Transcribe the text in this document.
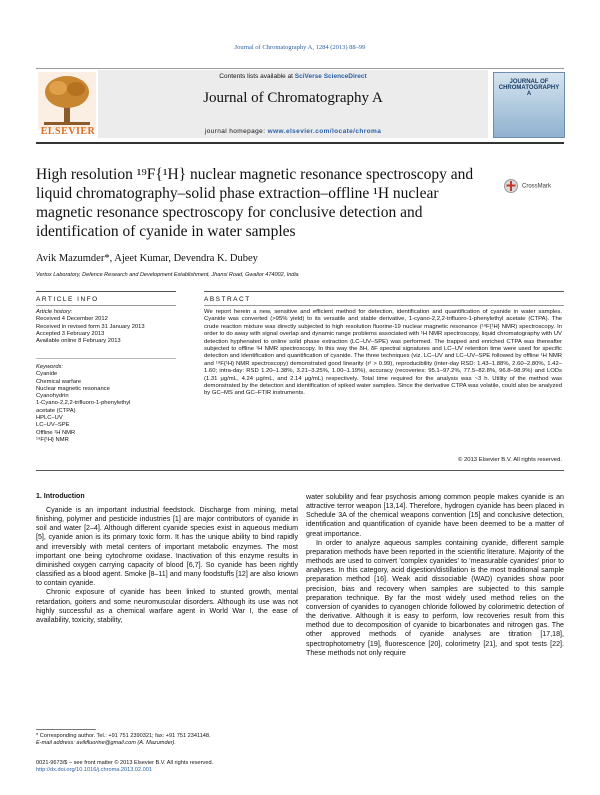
Journal of Chromatography A, 1284 (2013) 88–99
ELSEVIER
Contents lists available at SciVerse ScienceDirect
Journal of Chromatography A
journal homepage: www.elsevier.com/locate/chroma
JOURNAL OF CHROMATOGRAPHY A
High resolution ¹⁹F{¹H} nuclear magnetic resonance spectroscopy and liquid chromatography–solid phase extraction–offline ¹H nuclear magnetic resonance spectroscopy for conclusive detection and identification of cyanide in water samples
CrossMark
Avik Mazumder*, Ajeet Kumar, Devendra K. Dubey
Vertox Laboratory, Defence Research and Development Establishment, Jhansi Road, Gwalior 474002, India
ARTICLE INFO	ABSTRACT
Article history:
Received 4 December 2012
Received in revised form 31 January 2013
Accepted 3 February 2013
Available online 8 February 2013
Keywords:
Cyanide
Chemical warfare
Nuclear magnetic resonance
Cyanohydrin
1-Cyano-2,2,2-trifluoro-1-phenylethyl
acetate (CTPA)
HPLC–UV
LC–UV–SPE
Offline ¹H NMR
¹⁹F{¹H} NMR
We report herein a new, sensitive and efficient method for detection, identification and quantification of cyanide in water samples. Cyanide was converted (>95% yield) to its versatile and stable derivative, 1-cyano-2,2,2-trifluoro-1-phenylethyl acetate (CTPA). The crude reaction mixture was directly subjected to high resolution fluorine-19 nuclear magnetic resonance (¹⁹F{¹H} NMR) spectroscopy. In order to do away with signal overlap and dynamic range problems associated with ¹H NMR spectroscopy, liquid chromatography with UV detection hyphenated to online solid phase extraction (LC–UV–SPE) was performed. The trapped and enriched CTPA was thereafter subjected to offline ¹H NMR spectroscopy. In this way the δH, δF spectral signatures and LC–UV retention time were used for specific detection and identification and quantification of cyanide. The three techniques (viz. LC–UV and LC–UV–SPE followed by offline ¹H NMR and ¹⁹F{¹H} NMR spectroscopy) demonstrated good linearity (r² > 0.99), reproducibility (inter-day RSD: 1.43–1.88%, 2.60–2.80%, 1.42–1.60; intra-day: RSD 1.20–1.38%, 3.21–3.25%, 1.00–1.19%), accuracy (recoveries: 95.1–97.2%, 77.5–82.8%, 96.8–98.9%) and LODs (1.31 μg/mL, 4.24 μg/mL, and 2.14 μg/mL) respectively. Total time required for the analysis was ~3 h. Utility of the method was demonstrated by the detection and identification of spiked water samples. Since the derivative CTPA was volatile, could also be analyzed by GC–MS and GC–FTIR instruments.
© 2013 Elsevier B.V. All rights reserved.
1. Introduction

Cyanide is an important industrial feedstock. Discharge from mining, metal finishing, polymer and pesticide industries [1] are major contributors of cyanide in soil and water [2–4]. Although different cyanide species exist in aqueous medium [5], cyanide anion is its primary toxic form. It has the unique ability to bind rapidly and irreversibly with metal centers of important metabolic enzymes. The most important one being cytochrome oxidase. Inactivation of this enzyme results in diminished oxygen carrying capacity of blood [6,7]. So cyanide has been rightly classified as a blood agent. Smoke [8–11] and many foodstuffs [12] are also known to contain cyanide.

Chronic exposure of cyanide has been linked to stunted growth, mental retardation, goiters and some neuromuscular disorders. Although its use was not highly successful as a chemical warfare agent in World War I, the ease of availability, toxicity, stability,

water solubility and fear psychosis among common people makes cyanide is an attractive terror weapon [13,14]. Therefore, hydrogen cyanide has been placed in Schedule 3A of the chemical weapons convention [15] and conclusive detection, identification and quantification of cyanide have been deemed to be a matter of great importance.

In order to analyze aqueous samples containing cyanide, different sample preparation methods have been reported in the scientific literature. Majority of the methods are used to convert 'complex cyanides' to 'measurable cyanides' prior to analyses. In this category, acid digestion/distillation is the most traditional sample preparation method [16]. Weak acid dissociable (WAD) cyanides show poor precision, bias and recovery when samples are subjected to this sample preparation technique. By far the most widely used method relies on the conversion of cyanides to cyanogen chloride followed by colorimetric detection of the derivative. Although it is easy to perform, low recoveries result from this method due to decomposition of cyanide to bicarbonates and nitrogen gas. The other approved methods of cyanide analyses are titration [17,18], spectrophotometry [19], fluorescence [20], colorimetry [21], and spot tests [22]. These methods not only require

* Corresponding author. Tel.: +91 751 2390321; fax: +91 751 2341148.
E-mail address: avikfluorine@gmail.com (A. Mazumder).
0021-9673/$ – see front matter © 2013 Elsevier B.V. All rights reserved.
http://dx.doi.org/10.1016/j.chroma.2013.02.001
